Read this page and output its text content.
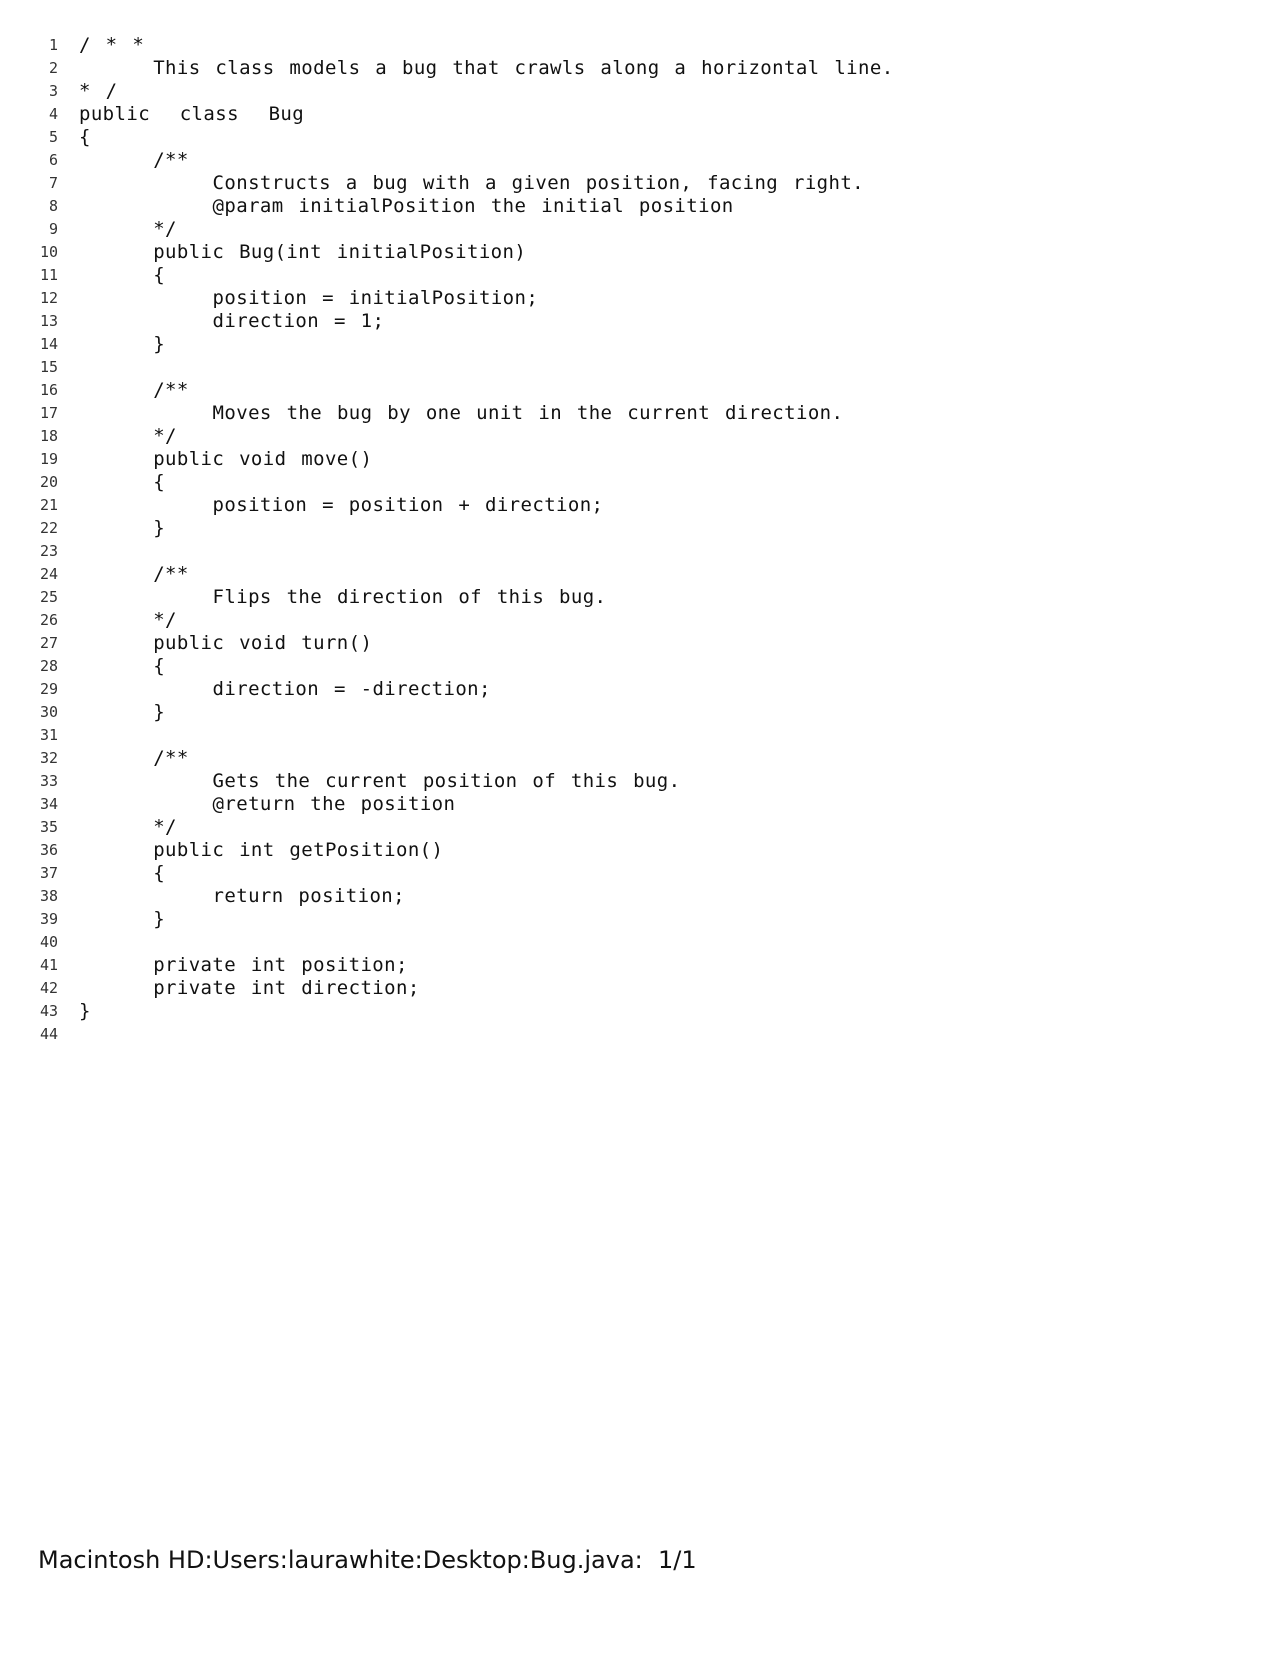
1 / * *
2 This class models a bug that crawls along a horizontal line.
3 * /
4 public  class  Bug
5 {
6 /**
7 Constructs a bug with a given position, facing right.
8 @param initialPosition the initial position
9 */
10 public Bug(int initialPosition)
11 {
12 position = initialPosition;
13 direction = 1;
14 }
15
16 /**
17 Moves the bug by one unit in the current direction.
18 */
19 public void move()
20 {
21 position = position + direction;
22 }
23
24 /**
25 Flips the direction of this bug.
26 */
27 public void turn()
28 {
29 direction = -direction;
30 }
31
32 /**
33 Gets the current position of this bug.
34 @return the position
35 */
36 public int getPosition()
37 {
38 return position;
39 }
40
41 private int position;
42 private int direction;
43 }
44
Macintosh HD:Users:laurawhite:Desktop:Bug.java: 1/1
